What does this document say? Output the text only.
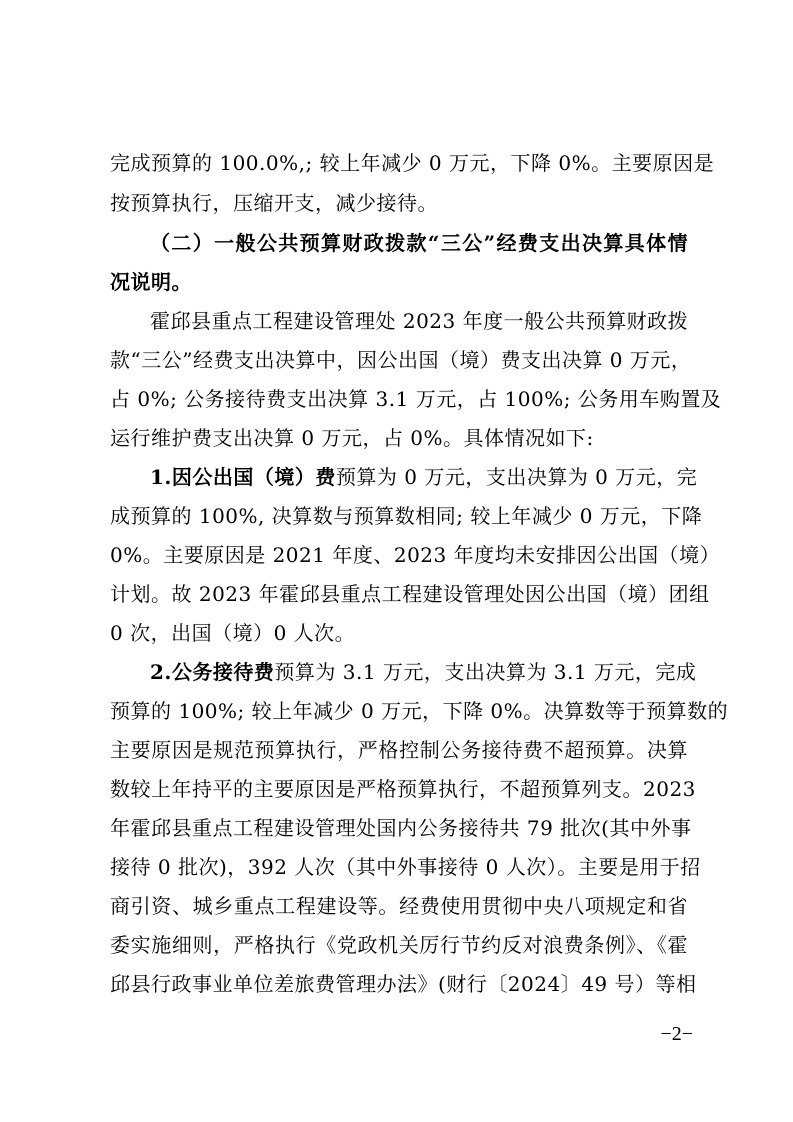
完成预算的 100.0%,; 较上年减少 0 万元，下降 0%。主要原因是
按预算执行，压缩开支，减少接待。
（二）一般公共预算财政拨款“三公”经费支出决算具体情
况说明。
霍邱县重点工程建设管理处 2023 年度一般公共预算财政拨
款“三公”经费支出决算中，因公出国（境）费支出决算 0 万元，
占 0%; 公务接待费支出决算 3.1 万元，占 100%; 公务用车购置及
运行维护费支出决算 0 万元，占 0%。具体情况如下:
1.因公出国（境）费预算为 0 万元，支出决算为 0 万元，完
成预算的 100%, 决算数与预算数相同; 较上年减少 0 万元，下降
0%。主要原因是 2021 年度、2023 年度均未安排因公出国（境）
计划。故 2023 年霍邱县重点工程建设管理处因公出国（境）团组
0 次，出国（境）0 人次。
2.公务接待费预算为 3.1 万元，支出决算为 3.1 万元，完成
预算的 100%; 较上年减少 0 万元，下降 0%。决算数等于预算数的
主要原因是规范预算执行，严格控制公务接待费不超预算。决算
数较上年持平的主要原因是严格预算执行，不超预算列支。2023
年霍邱县重点工程建设管理处国内公务接待共 79 批次(其中外事
接待 0 批次)，392 人次（其中外事接待 0 人次）。主要是用于招
商引资、城乡重点工程建设等。经费使用贯彻中央八项规定和省
委实施细则，严格执行《党政机关厉行节约反对浪费条例》、《霍
邱县行政事业单位差旅费管理办法》(财行〔2024〕49 号）等相
−2−
